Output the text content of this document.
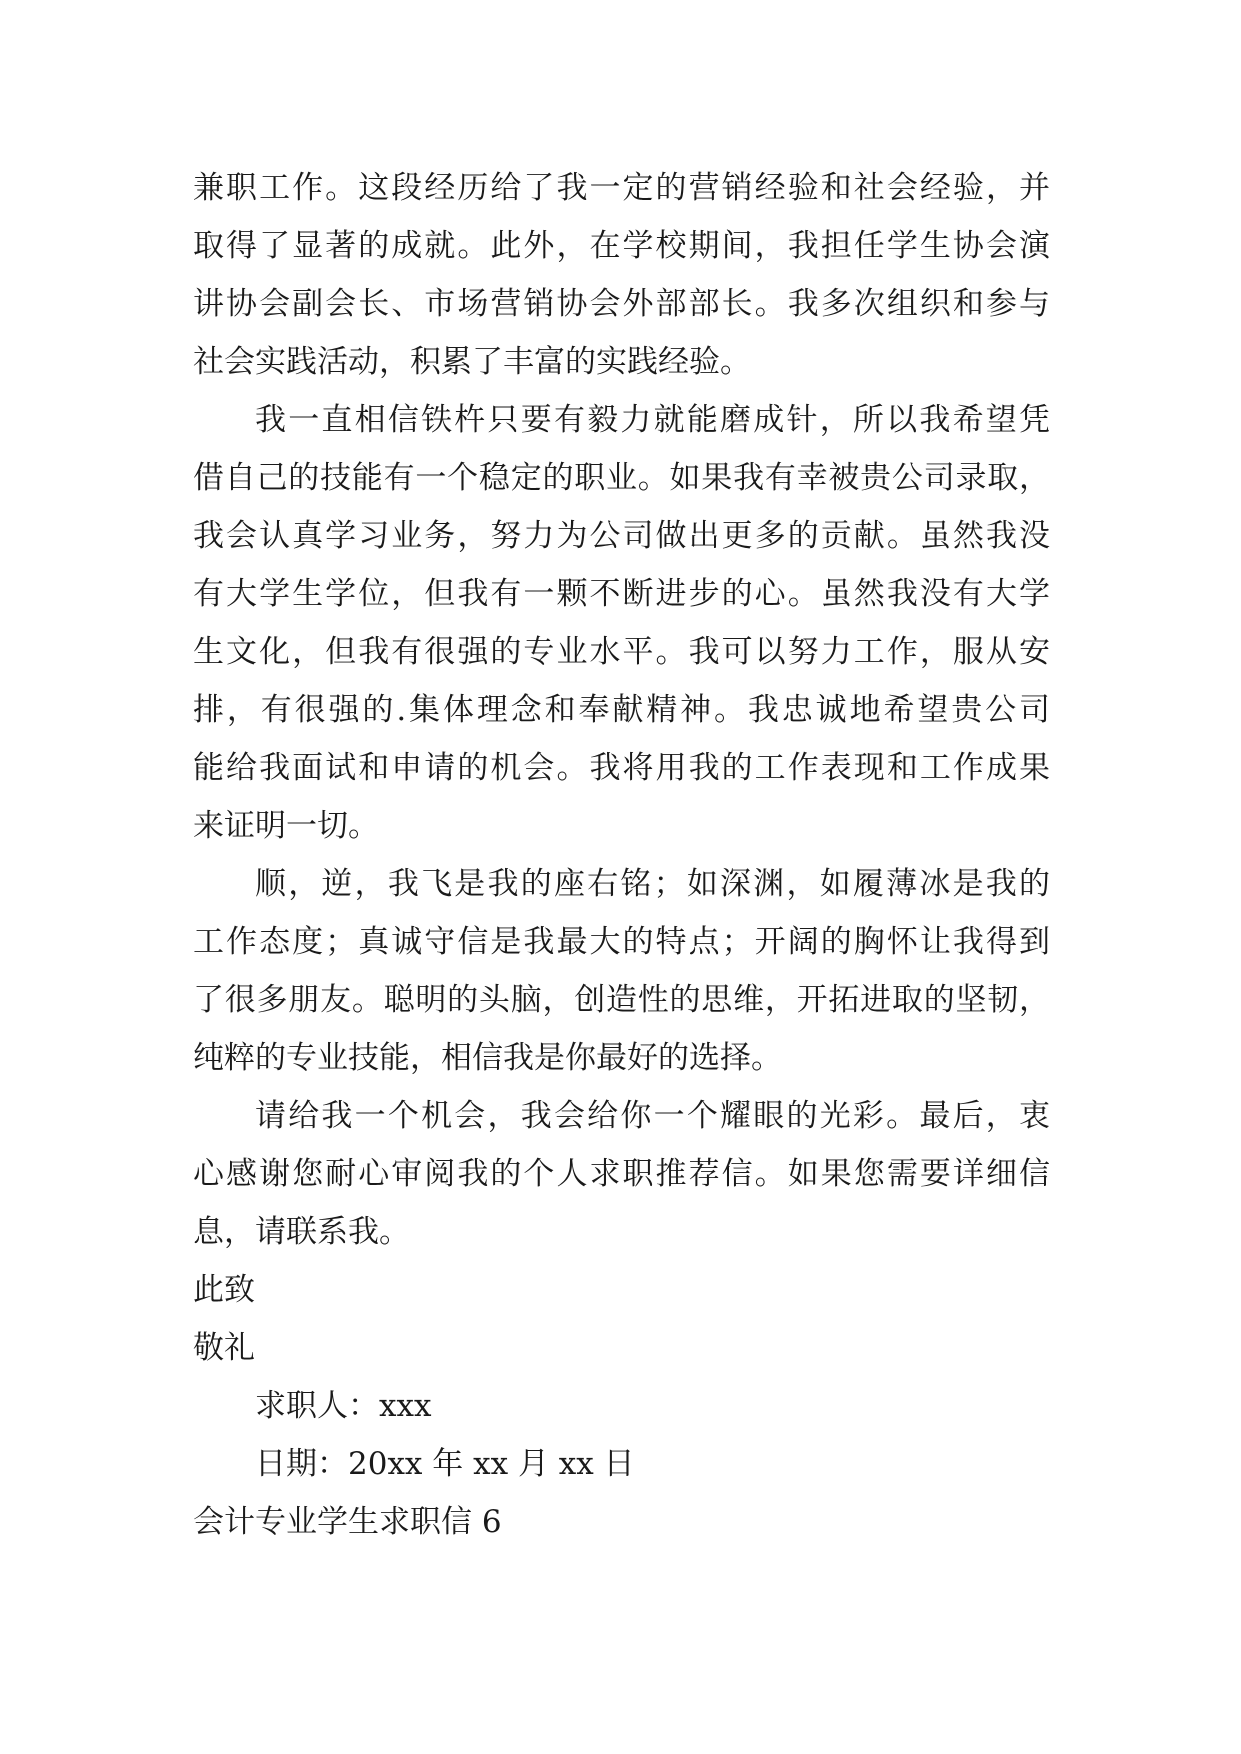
兼职工作。这段经历给了我一定的营销经验和社会经验，并
取得了显著的成就。此外，在学校期间，我担任学生协会演
讲协会副会长、市场营销协会外部部长。我多次组织和参与
社会实践活动，积累了丰富的实践经验。
我一直相信铁杵只要有毅力就能磨成针，所以我希望凭
借自己的技能有一个稳定的职业。如果我有幸被贵公司录取，
我会认真学习业务，努力为公司做出更多的贡献。虽然我没
有大学生学位，但我有一颗不断进步的心。虽然我没有大学
生文化，但我有很强的专业水平。我可以努力工作，服从安
排，有很强的.集体理念和奉献精神。我忠诚地希望贵公司
能给我面试和申请的机会。我将用我的工作表现和工作成果
来证明一切。
顺，逆，我飞是我的座右铭；如深渊，如履薄冰是我的
工作态度；真诚守信是我最大的特点；开阔的胸怀让我得到
了很多朋友。聪明的头脑，创造性的思维，开拓进取的坚韧，
纯粹的专业技能，相信我是你最好的选择。
请给我一个机会，我会给你一个耀眼的光彩。最后，衷
心感谢您耐心审阅我的个人求职推荐信。如果您需要详细信
息，请联系我。
此致
敬礼
求职人：xxx
日期：20xx 年 xx 月 xx 日
会计专业学生求职信 6
